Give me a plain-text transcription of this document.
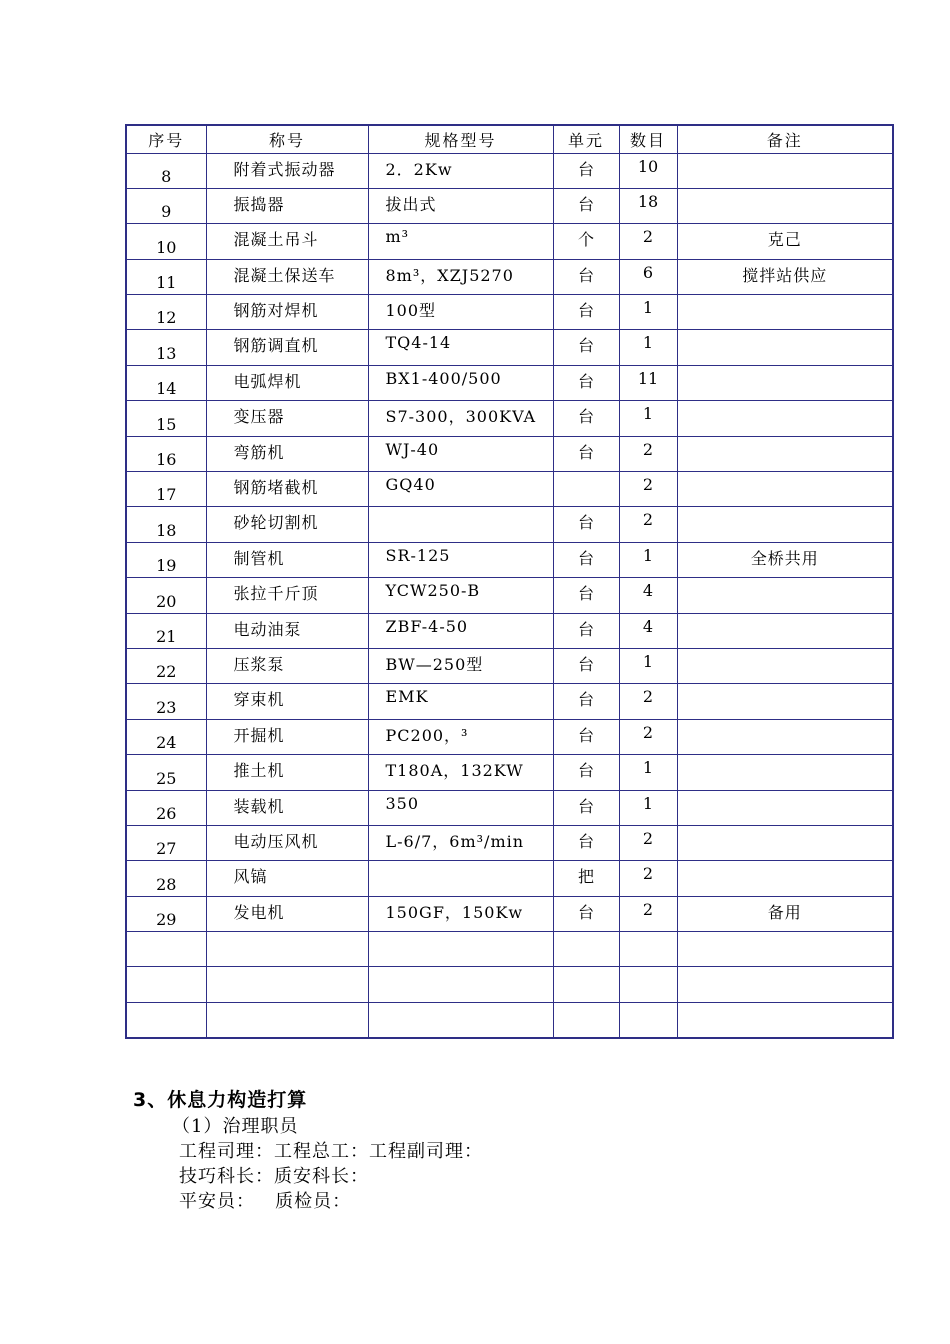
序号	称号	规格型号	单元	数目	备注
8	附着式振动器	2．2Kw	台	10	
9	振捣器	拔出式	台	18	
10	混凝土吊斗	m³	个	2	克己
11	混凝土保送车	8m³，XZJ5270	台	6	搅拌站供应
12	钢筋对焊机	100型	台	1	
13	钢筋调直机	TQ4-14	台	1	
14	电弧焊机	BX1-400/500	台	11	
15	变压器	S7-300，300KVA	台	1	
16	弯筋机	WJ-40	台	2	
17	钢筋堵截机	GQ40		2	
18	砂轮切割机		台	2	
19	制管机	SR-125	台	1	全桥共用
20	张拉千斤顶	YCW250-B	台	4	
21	电动油泵	ZBF-4-50	台	4	
22	压浆泵	BW—250型	台	1	
23	穿束机	EMK	台	2	
24	开掘机	PC200，³	台	2	
25	推土机	T180A，132KW	台	1	
26	装载机	350	台	1	
27	电动压风机	L-6/7，6m³/min	台	2	
28	风镐		把	2	
29	发电机	150GF，150Kw	台	2	备用

3、休息力构造打算
（1）治理职员
工程司理：工程总工：工程副司理：
技巧科长：质安科长：
平安员：   质检员：
